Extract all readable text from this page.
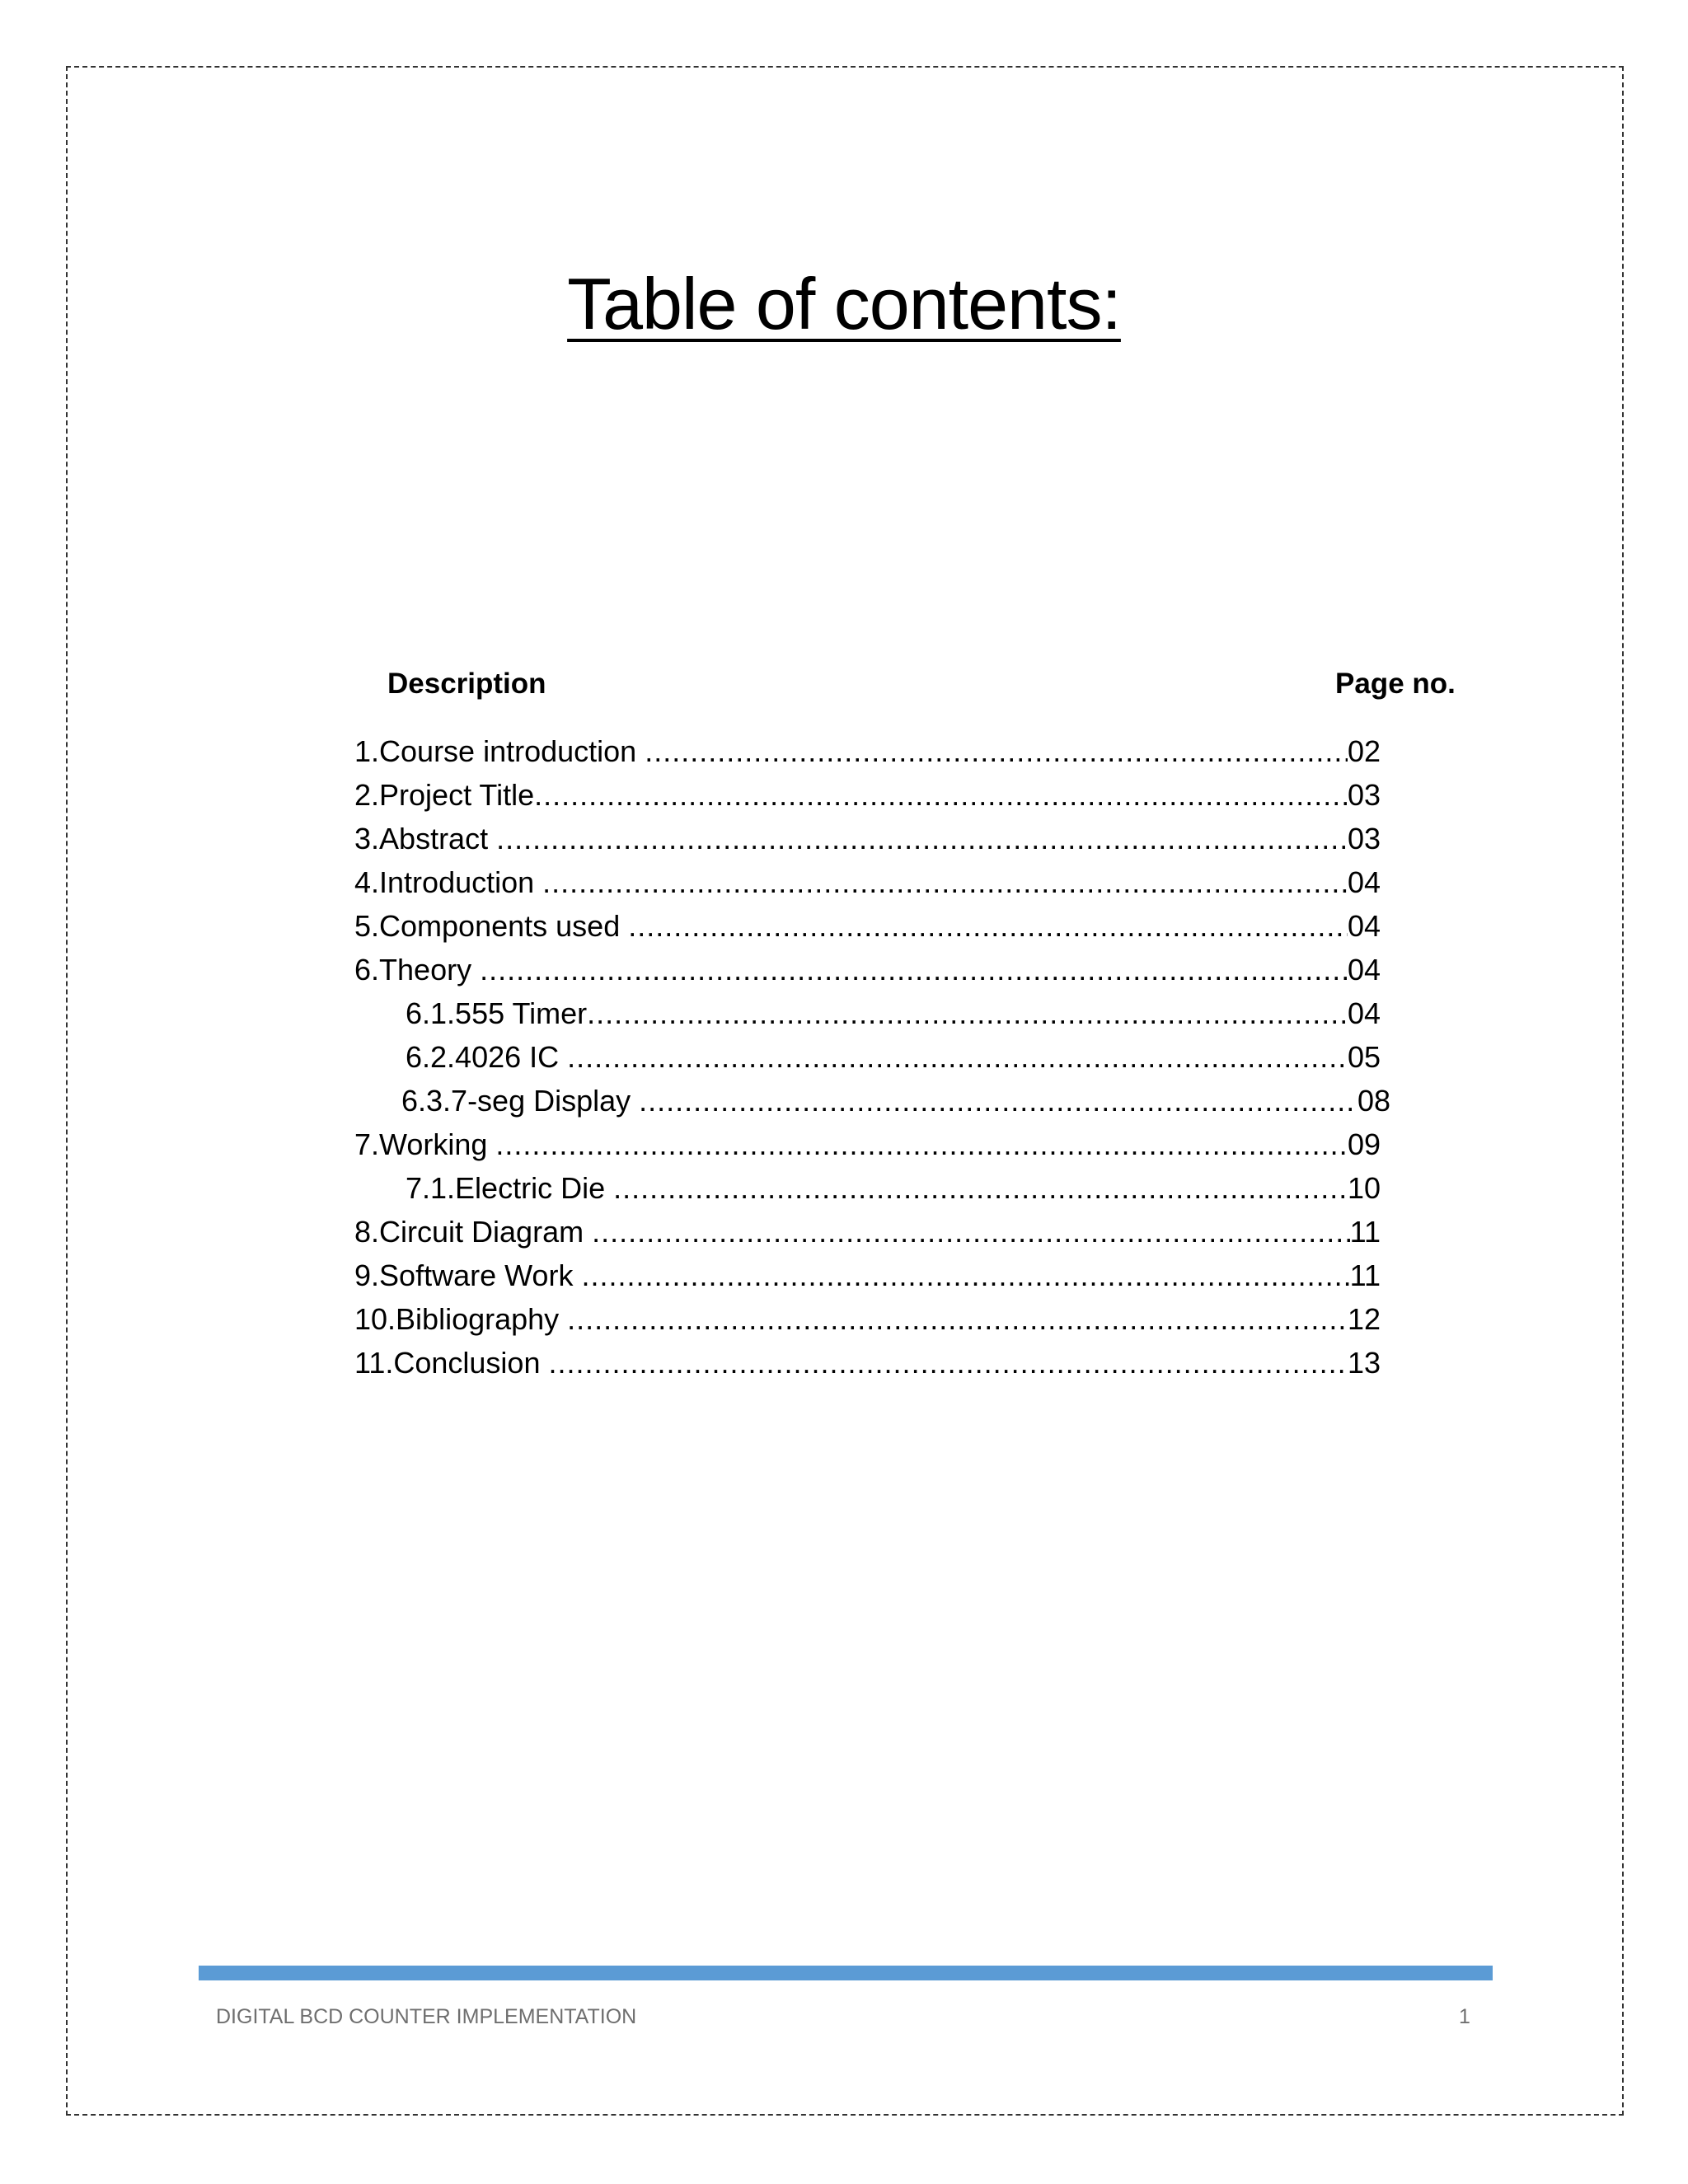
Table of contents:
Description	Page no.
1. Course introduction .....	02
2. Project Title .....	03
3. Abstract .....	03
4. Introduction .....	04
5. Components used .....	04
6. Theory .....	04
6.1. 555 Timer .....	04
6.2. 4026 IC .....	05
6.3. 7-seg Display .....	08
7. Working .....	09
7.1. Electric Die .....	10
8. Circuit Diagram .....	11
9. Software Work .....	11
10. Bibliography .....	12
11. Conclusion .....	13
DIGITAL BCD COUNTER IMPLEMENTATION	1
